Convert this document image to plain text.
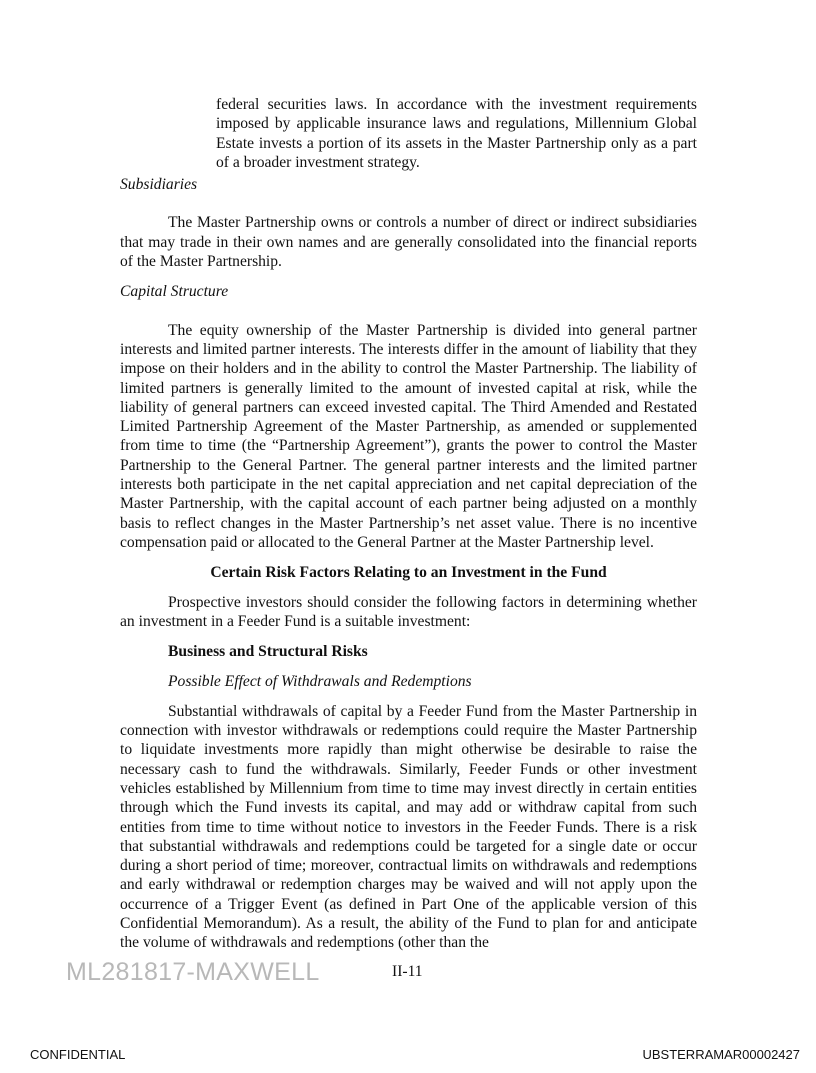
federal securities laws. In accordance with the investment requirements imposed by applicable insurance laws and regulations, Millennium Global Estate invests a portion of its assets in the Master Partnership only as a part of a broader investment strategy.
Subsidiaries
The Master Partnership owns or controls a number of direct or indirect subsidiaries that may trade in their own names and are generally consolidated into the financial reports of the Master Partnership.
Capital Structure
The equity ownership of the Master Partnership is divided into general partner interests and limited partner interests. The interests differ in the amount of liability that they impose on their holders and in the ability to control the Master Partnership. The liability of limited partners is generally limited to the amount of invested capital at risk, while the liability of general partners can exceed invested capital. The Third Amended and Restated Limited Partnership Agreement of the Master Partnership, as amended or supplemented from time to time (the “Partnership Agreement”), grants the power to control the Master Partnership to the General Partner. The general partner interests and the limited partner interests both participate in the net capital appreciation and net capital depreciation of the Master Partnership, with the capital account of each partner being adjusted on a monthly basis to reflect changes in the Master Partnership’s net asset value. There is no incentive compensation paid or allocated to the General Partner at the Master Partnership level.
Certain Risk Factors Relating to an Investment in the Fund
Prospective investors should consider the following factors in determining whether an investment in a Feeder Fund is a suitable investment:
Business and Structural Risks
Possible Effect of Withdrawals and Redemptions
Substantial withdrawals of capital by a Feeder Fund from the Master Partnership in connection with investor withdrawals or redemptions could require the Master Partnership to liquidate investments more rapidly than might otherwise be desirable to raise the necessary cash to fund the withdrawals. Similarly, Feeder Funds or other investment vehicles established by Millennium from time to time may invest directly in certain entities through which the Fund invests its capital, and may add or withdraw capital from such entities from time to time without notice to investors in the Feeder Funds. There is a risk that substantial withdrawals and redemptions could be targeted for a single date or occur during a short period of time; moreover, contractual limits on withdrawals and redemptions and early withdrawal or redemption charges may be waived and will not apply upon the occurrence of a Trigger Event (as defined in Part One of the applicable version of this Confidential Memorandum). As a result, the ability of the Fund to plan for and anticipate the volume of withdrawals and redemptions (other than the
ML281817-MAXWELL	II-11
CONFIDENTIAL	UBSTERRAMAR00002427
